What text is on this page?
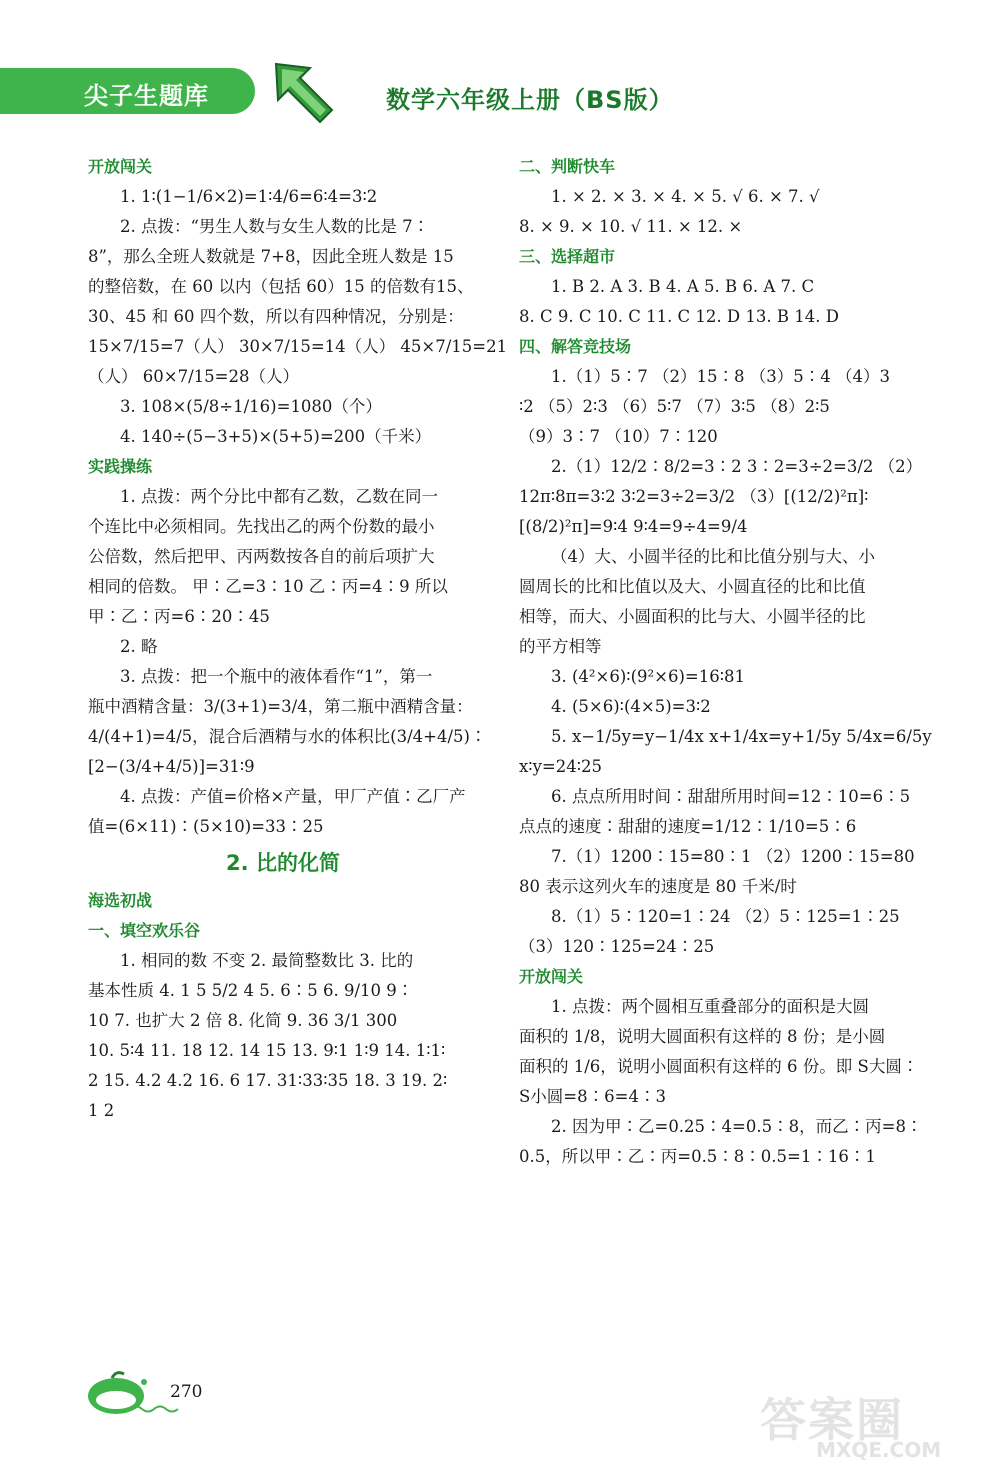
尖子生题库	数学六年级上册（BS版）
开放闯关
1. 1∶(1−1/6×2)=1∶4/6=6∶4=3∶2
2. 点拨：“男生人数与女生人数的比是 7∶
8”，那么全班人数就是 7+8，因此全班人数是 15
的整倍数，在 60 以内（包括 60）15 的倍数有15、
30、45 和 60 四个数，所以有四种情况，分别是：
15×7/15=7（人） 30×7/15=14（人） 45×7/15=21
（人） 60×7/15=28（人）
3. 108×(5/8÷1/16)=1080（个）
4. 140÷(5−3+5)×(5+5)=200（千米）
实践操练
1. 点拨：两个分比中都有乙数，乙数在同一
个连比中必须相同。先找出乙的两个份数的最小
公倍数，然后把甲、丙两数按各自的前后项扩大
相同的倍数。 甲∶乙=3∶10 乙∶丙=4∶9 所以
甲∶乙∶丙=6∶20∶45
2. 略
3. 点拨：把一个瓶中的液体看作“1”，第一
瓶中酒精含量：3/(3+1)=3/4，第二瓶中酒精含量：
4/(4+1)=4/5，混合后酒精与水的体积比(3/4+4/5)∶
[2−(3/4+4/5)]=31∶9
4. 点拨：产值=价格×产量，甲厂产值∶乙厂产
值=(6×11)∶(5×10)=33∶25
2. 比的化简
海选初战
一、填空欢乐谷
1. 相同的数 不变 2. 最简整数比 3. 比的
基本性质 4. 1 5 5/2 4 5. 6∶5 6. 9/10 9∶
10 7. 也扩大 2 倍 8. 化简 9. 36 3/1 300
10. 5∶4 11. 18 12. 14 15 13. 9∶1 1∶9 14. 1∶1∶
2 15. 4.2 4.2 16. 6 17. 31∶33∶35 18. 3 19. 2∶
1 2
二、判断快车
1. × 2. × 3. × 4. × 5. √ 6. × 7. √
8. × 9. × 10. √ 11. × 12. ×
三、选择超市
1. B 2. A 3. B 4. A 5. B 6. A 7. C
8. C 9. C 10. C 11. C 12. D 13. B 14. D
四、解答竞技场
1.（1）5∶7 （2）15∶8 （3）5∶4 （4）3
∶2 （5）2∶3 （6）5∶7 （7）3∶5 （8）2∶5
（9）3∶7 （10）7∶120
2.（1）12/2∶8/2=3∶2 3∶2=3÷2=3/2 （2）
12π∶8π=3∶2 3∶2=3÷2=3/2 （3）[(12/2)²π]∶
[(8/2)²π]=9∶4 9∶4=9÷4=9/4
（4）大、小圆半径的比和比值分别与大、小
圆周长的比和比值以及大、小圆直径的比和比值
相等，而大、小圆面积的比与大、小圆半径的比
的平方相等
3. (4²×6)∶(9²×6)=16∶81
4. (5×6)∶(4×5)=3∶2
5. x−1/5y=y−1/4x x+1/4x=y+1/5y 5/4x=6/5y
x∶y=24∶25
6. 点点所用时间∶甜甜所用时间=12∶10=6∶5
点点的速度∶甜甜的速度=1/12∶1/10=5∶6
7.（1）1200∶15=80∶1 （2）1200∶15=80
80 表示这列火车的速度是 80 千米/时
8.（1）5∶120=1∶24 （2）5∶125=1∶25
（3）120∶125=24∶25
开放闯关
1. 点拨：两个圆相互重叠部分的面积是大圆
面积的 1/8，说明大圆面积有这样的 8 份；是小圆
面积的 1/6，说明小圆面积有这样的 6 份。即 S大圆∶
S小圆=8∶6=4∶3
2. 因为甲∶乙=0.25∶4=0.5∶8，而乙∶丙=8∶
0.5，所以甲∶乙∶丙=0.5∶8∶0.5=1∶16∶1
270
答案圈
MXQE.COM
